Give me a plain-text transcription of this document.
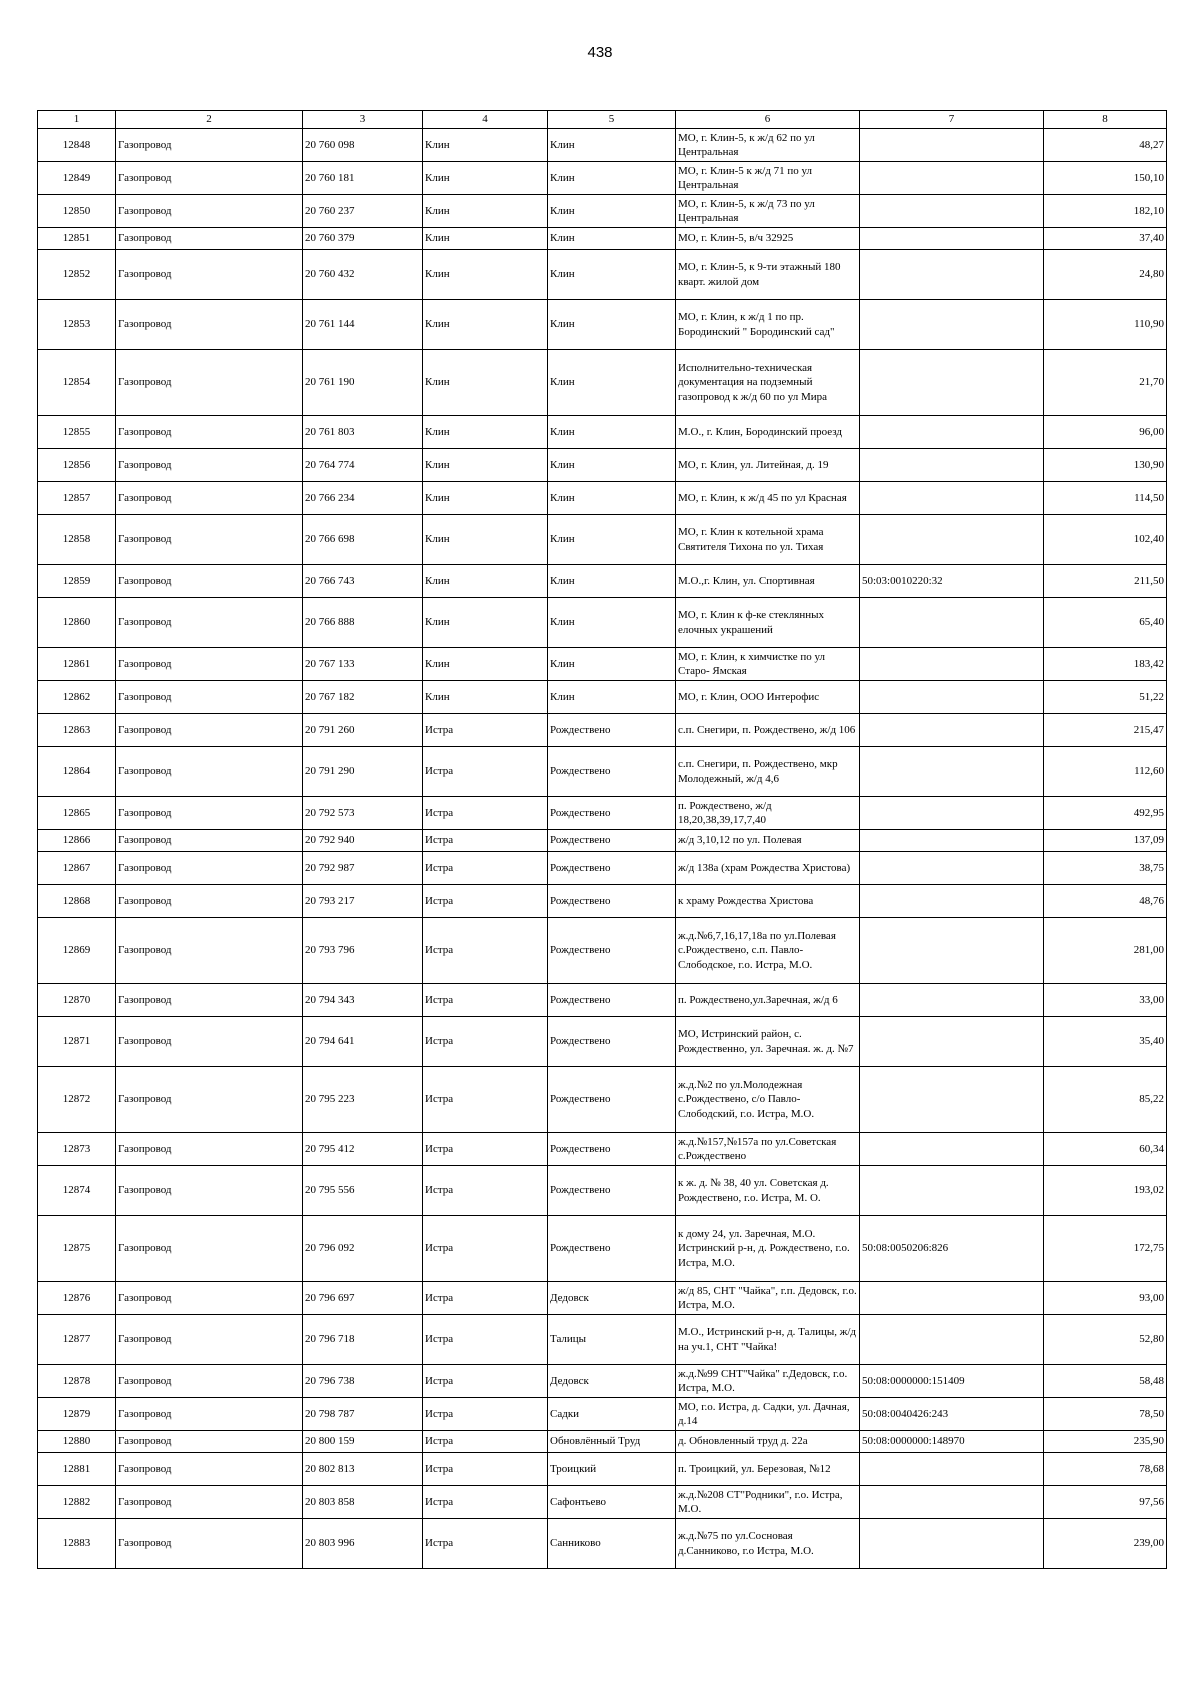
438
1	2	3	4	5	6	7	8
12848	Газопровод	20 760 098	Клин	Клин	МО, г. Клин-5, к ж/д 62 по ул Центральная		48,27
12849	Газопровод	20 760 181	Клин	Клин	МО, г. Клин-5 к ж/д 71 по ул Центральная		150,10
12850	Газопровод	20 760 237	Клин	Клин	МО, г. Клин-5, к ж/д 73 по ул Центральная		182,10
12851	Газопровод	20 760 379	Клин	Клин	МО, г. Клин-5, в/ч 32925		37,40
12852	Газопровод	20 760 432	Клин	Клин	МО, г. Клин-5, к 9-ти этажный 180 кварт. жилой дом		24,80
12853	Газопровод	20 761 144	Клин	Клин	МО, г. Клин, к ж/д 1 по пр. Бородинский " Бородинский сад"		110,90
12854	Газопровод	20 761 190	Клин	Клин	Исполнительно-техническая документация на подземный газопровод к ж/д 60 по ул Мира		21,70
12855	Газопровод	20 761 803	Клин	Клин	М.О., г. Клин, Бородинский проезд		96,00
12856	Газопровод	20 764 774	Клин	Клин	МО, г. Клин, ул. Литейная, д. 19		130,90
12857	Газопровод	20 766 234	Клин	Клин	МО, г. Клин, к ж/д 45 по ул Красная		114,50
12858	Газопровод	20 766 698	Клин	Клин	МО, г. Клин к котельной храма Святителя Тихона по ул. Тихая		102,40
12859	Газопровод	20 766 743	Клин	Клин	М.О.,г. Клин, ул. Спортивная	50:03:0010220:32	211,50
12860	Газопровод	20 766 888	Клин	Клин	МО, г. Клин к ф-ке стеклянных елочных украшений		65,40
12861	Газопровод	20 767 133	Клин	Клин	МО, г. Клин, к химчистке по ул Старо- Ямская		183,42
12862	Газопровод	20 767 182	Клин	Клин	МО, г. Клин, ООО Интерофис		51,22
12863	Газопровод	20 791 260	Истра	Рождествено	с.п. Снегири, п. Рождествено, ж/д 106		215,47
12864	Газопровод	20 791 290	Истра	Рождествено	с.п. Снегири, п. Рождествено, мкр Молодежный, ж/д 4,6		112,60
12865	Газопровод	20 792 573	Истра	Рождествено	п. Рождествено, ж/д 18,20,38,39,17,7,40		492,95
12866	Газопровод	20 792 940	Истра	Рождествено	ж/д 3,10,12 по ул. Полевая		137,09
12867	Газопровод	20 792 987	Истра	Рождествено	ж/д 138а (храм Рождества Христова)		38,75
12868	Газопровод	20 793 217	Истра	Рождествено	к храму Рождества Христова		48,76
12869	Газопровод	20 793 796	Истра	Рождествено	ж.д.№6,7,16,17,18а по ул.Полевая с.Рождествено, с.п. Павло-Слободское, г.о. Истра, М.О.		281,00
12870	Газопровод	20 794 343	Истра	Рождествено	п. Рождествено,ул.Заречная, ж/д 6		33,00
12871	Газопровод	20 794 641	Истра	Рождествено	МО, Истринский район, с. Рождественно, ул. Заречная. ж. д. №7		35,40
12872	Газопровод	20 795 223	Истра	Рождествено	ж.д.№2 по ул.Молодежная с.Рождествено, с/о Павло-Слободский, г.о. Истра, М.О.		85,22
12873	Газопровод	20 795 412	Истра	Рождествено	ж.д.№157,№157а по ул.Советская с.Рождествено		60,34
12874	Газопровод	20 795 556	Истра	Рождествено	к ж. д. № 38, 40 ул. Советская д. Рождествено, г.о. Истра, М. О.		193,02
12875	Газопровод	20 796 092	Истра	Рождествено	к дому 24, ул. Заречная, М.О. Истринский р-н, д. Рождествено, г.о. Истра, М.О.	50:08:0050206:826	172,75
12876	Газопровод	20 796 697	Истра	Дедовск	ж/д 85, СНТ "Чайка", г.п. Дедовск, г.о. Истра, М.О.		93,00
12877	Газопровод	20 796 718	Истра	Талицы	М.О., Истринский р-н, д. Талицы, ж/д на уч.1, СНТ "Чайка!		52,80
12878	Газопровод	20 796 738	Истра	Дедовск	ж.д.№99 СНТ"Чайка" г.Дедовск, г.о. Истра, М.О.	50:08:0000000:151409	58,48
12879	Газопровод	20 798 787	Истра	Садки	МО, г.о. Истра, д. Садки, ул. Дачная, д.14	50:08:0040426:243	78,50
12880	Газопровод	20 800 159	Истра	Обновлённый Труд	д. Обновленный труд д. 22а	50:08:0000000:148970	235,90
12881	Газопровод	20 802 813	Истра	Троицкий	п. Троицкий, ул. Березовая, №12		78,68
12882	Газопровод	20 803 858	Истра	Сафонтьево	ж.д.№208 СТ"Родники", г.о. Истра, М.О.		97,56
12883	Газопровод	20 803 996	Истра	Санниково	ж.д.№75 по ул.Сосновая д.Санниково, г.о Истра, М.О.		239,00
